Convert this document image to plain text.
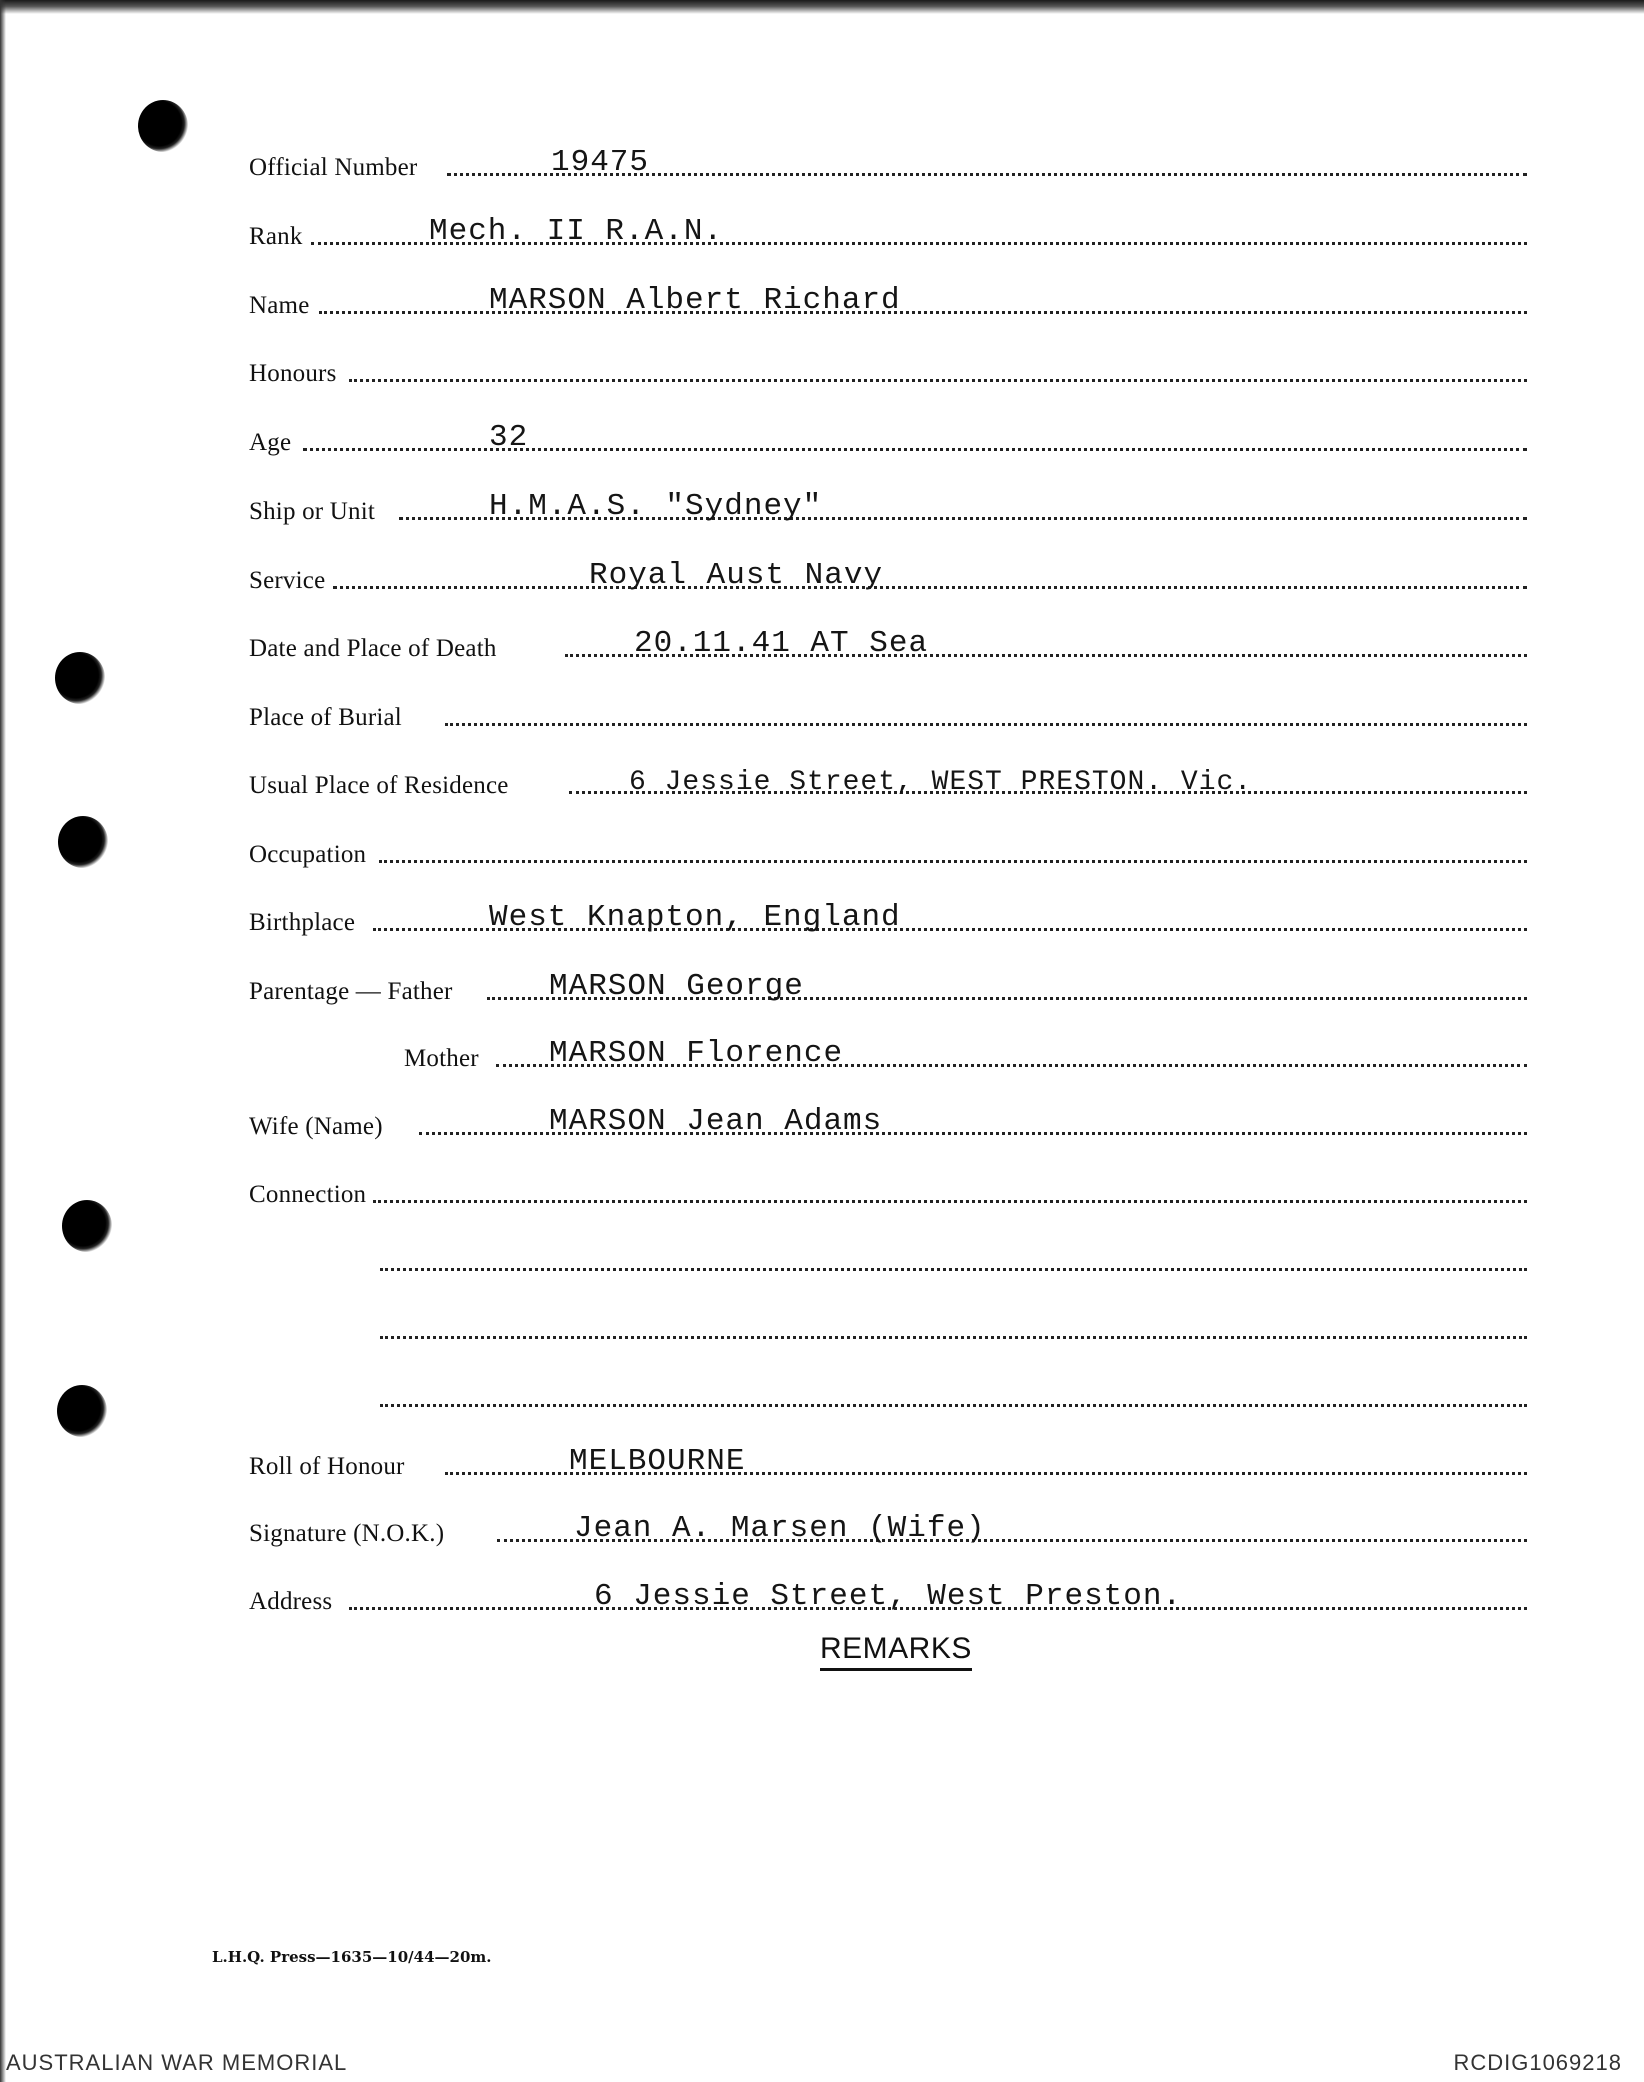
Official Number	19475
Rank	Mech. II R.A.N.
Name	MARSON Albert Richard
Honours
Age	32
Ship or Unit	H.M.A.S. "Sydney"
Service	Royal Aust Navy
Date and Place of Death	20.11.41 AT Sea
Place of Burial
Usual Place of Residence	6 Jessie Street, WEST PRESTON. Vic.
Occupation
Birthplace	West Knapton, England
Parentage — Father	MARSON George
Mother MARSON Florence
Wife (Name)	MARSON Jean Adams
Connection
Roll of Honour	MELBOURNE
Signature (N.O.K.)	Jean A. Marsen (Wife)
Address	6 Jessie Street, West Preston.
REMARKS
L.H.Q. Press—1635—10/44—20m.
AUSTRALIAN WAR MEMORIAL	RCDIG1069218
